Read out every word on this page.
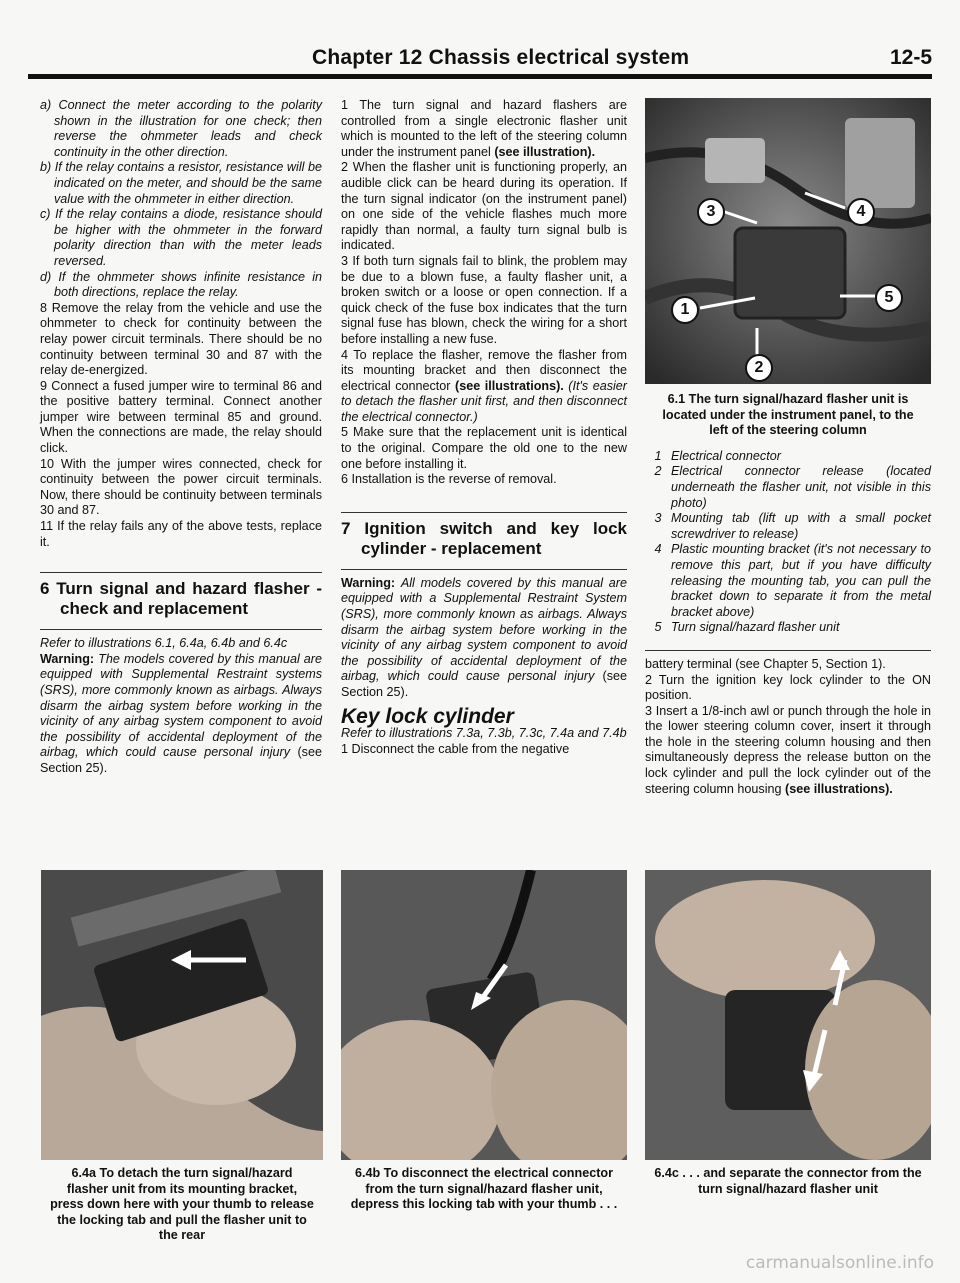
Chapter 12 Chassis electrical system	12-5

a) Connect the meter according to the polarity shown in the illustration for one check; then reverse the ohmmeter leads and check continuity in the other direction.

b) If the relay contains a resistor, resistance will be indicated on the meter, and should be the same value with the ohmmeter in either direction.

c) If the relay contains a diode, resistance should be higher with the ohmmeter in the forward polarity direction than with the meter leads reversed.

d) If the ohmmeter shows infinite resistance in both directions, replace the relay.

8 Remove the relay from the vehicle and use the ohmmeter to check for continuity between the relay power circuit terminals. There should be no continuity between terminal 30 and 87 with the relay de-energized.

9 Connect a fused jumper wire to terminal 86 and the positive battery terminal. Connect another jumper wire between terminal 85 and ground. When the connections are made, the relay should click.

10 With the jumper wires connected, check for continuity between the power circuit terminals. Now, there should be continuity between terminals 30 and 87.

11 If the relay fails any of the above tests, replace it.

6 Turn signal and hazard flasher - check and replacement

Refer to illustrations 6.1, 6.4a, 6.4b and 6.4c

Warning: The models covered by this manual are equipped with Supplemental Restraint systems (SRS), more commonly known as airbags. Always disarm the airbag system before working in the vicinity of any airbag system component to avoid the possibility of accidental deployment of the airbag, which could cause personal injury (see Section 25).

1 The turn signal and hazard flashers are controlled from a single electronic flasher unit which is mounted to the left of the steering column under the instrument panel (see illustration).

2 When the flasher unit is functioning properly, an audible click can be heard during its operation. If the turn signal indicator (on the instrument panel) on one side of the vehicle flashes much more rapidly than normal, a faulty turn signal bulb is indicated.

3 If both turn signals fail to blink, the problem may be due to a blown fuse, a faulty flasher unit, a broken switch or a loose or open connection. If a quick check of the fuse box indicates that the turn signal fuse has blown, check the wiring for a short before installing a new fuse.

4 To replace the flasher, remove the flasher from its mounting bracket and then disconnect the electrical connector (see illustrations). (It's easier to detach the flasher unit first, and then disconnect the electrical connector.)

5 Make sure that the replacement unit is identical to the original. Compare the old one to the new one before installing it.

6 Installation is the reverse of removal.

7 Ignition switch and key lock cylinder - replacement

Warning: All models covered by this manual are equipped with a Supplemental Restraint System (SRS), more commonly known as airbags. Always disarm the airbag system before working in the vicinity of any airbag system component to avoid the possibility of accidental deployment of the airbag, which could cause personal injury (see Section 25).

Key lock cylinder

Refer to illustrations 7.3a, 7.3b, 7.3c, 7.4a and 7.4b

1 Disconnect the cable from the negative

3	4
5
1
2
6.1 The turn signal/hazard flasher unit is located under the instrument panel, to the left of the steering column
1 Electrical connector
2 Electrical connector release (located underneath the flasher unit, not visible in this photo)
3 Mounting tab (lift up with a small pocket screwdriver to release)
4 Plastic mounting bracket (it's not necessary to remove this part, but if you have difficulty releasing the mounting tab, you can pull the bracket down to separate it from the metal bracket above)
5 Turn signal/hazard flasher unit

battery terminal (see Chapter 5, Section 1).

2 Turn the ignition key lock cylinder to the ON position.

3 Insert a 1/8-inch awl or punch through the hole in the lower steering column cover, insert it through the hole in the steering column housing and then simultaneously depress the release button on the lock cylinder and pull the lock cylinder out of the steering column housing (see illustrations).

6.4a To detach the turn signal/hazard flasher unit from its mounting bracket, press down here with your thumb to release the locking tab and pull the flasher unit to the rear
6.4b To disconnect the electrical connector from the turn signal/hazard flasher unit, depress this locking tab with your thumb . . .
6.4c . . . and separate the connector from the turn signal/hazard flasher unit
carmanualsonline.info
